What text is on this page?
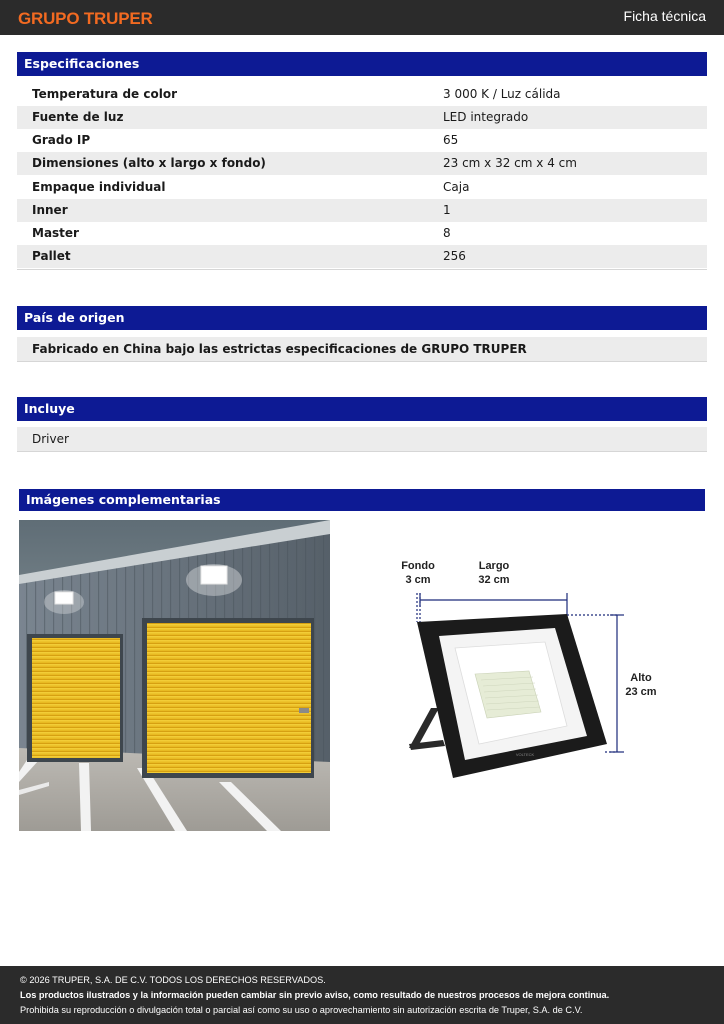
GRUPO TRUPER	Ficha técnica
Especificaciones
Temperatura de color	3 000 K / Luz cálida
Fuente de luz	LED integrado
Grado IP	65
Dimensiones (alto x largo x fondo)	23 cm x 32 cm x 4 cm
Empaque individual	Caja
Inner	1
Master	8
Pallet	256
País de origen
Fabricado en China bajo las estrictas especificaciones de GRUPO TRUPER
Incluye
Driver
Imágenes complementarias
Fondo
3 cm
Largo
32 cm
Alto
23 cm
VOLTECK
© 2026 TRUPER, S.A. DE C.V. TODOS LOS DERECHOS RESERVADOS.
Los productos ilustrados y la información pueden cambiar sin previo aviso, como resultado de nuestros procesos de mejora continua.
Prohibida su reproducción o divulgación total o parcial así como su uso o aprovechamiento sin autorización escrita de Truper, S.A. de C.V.
